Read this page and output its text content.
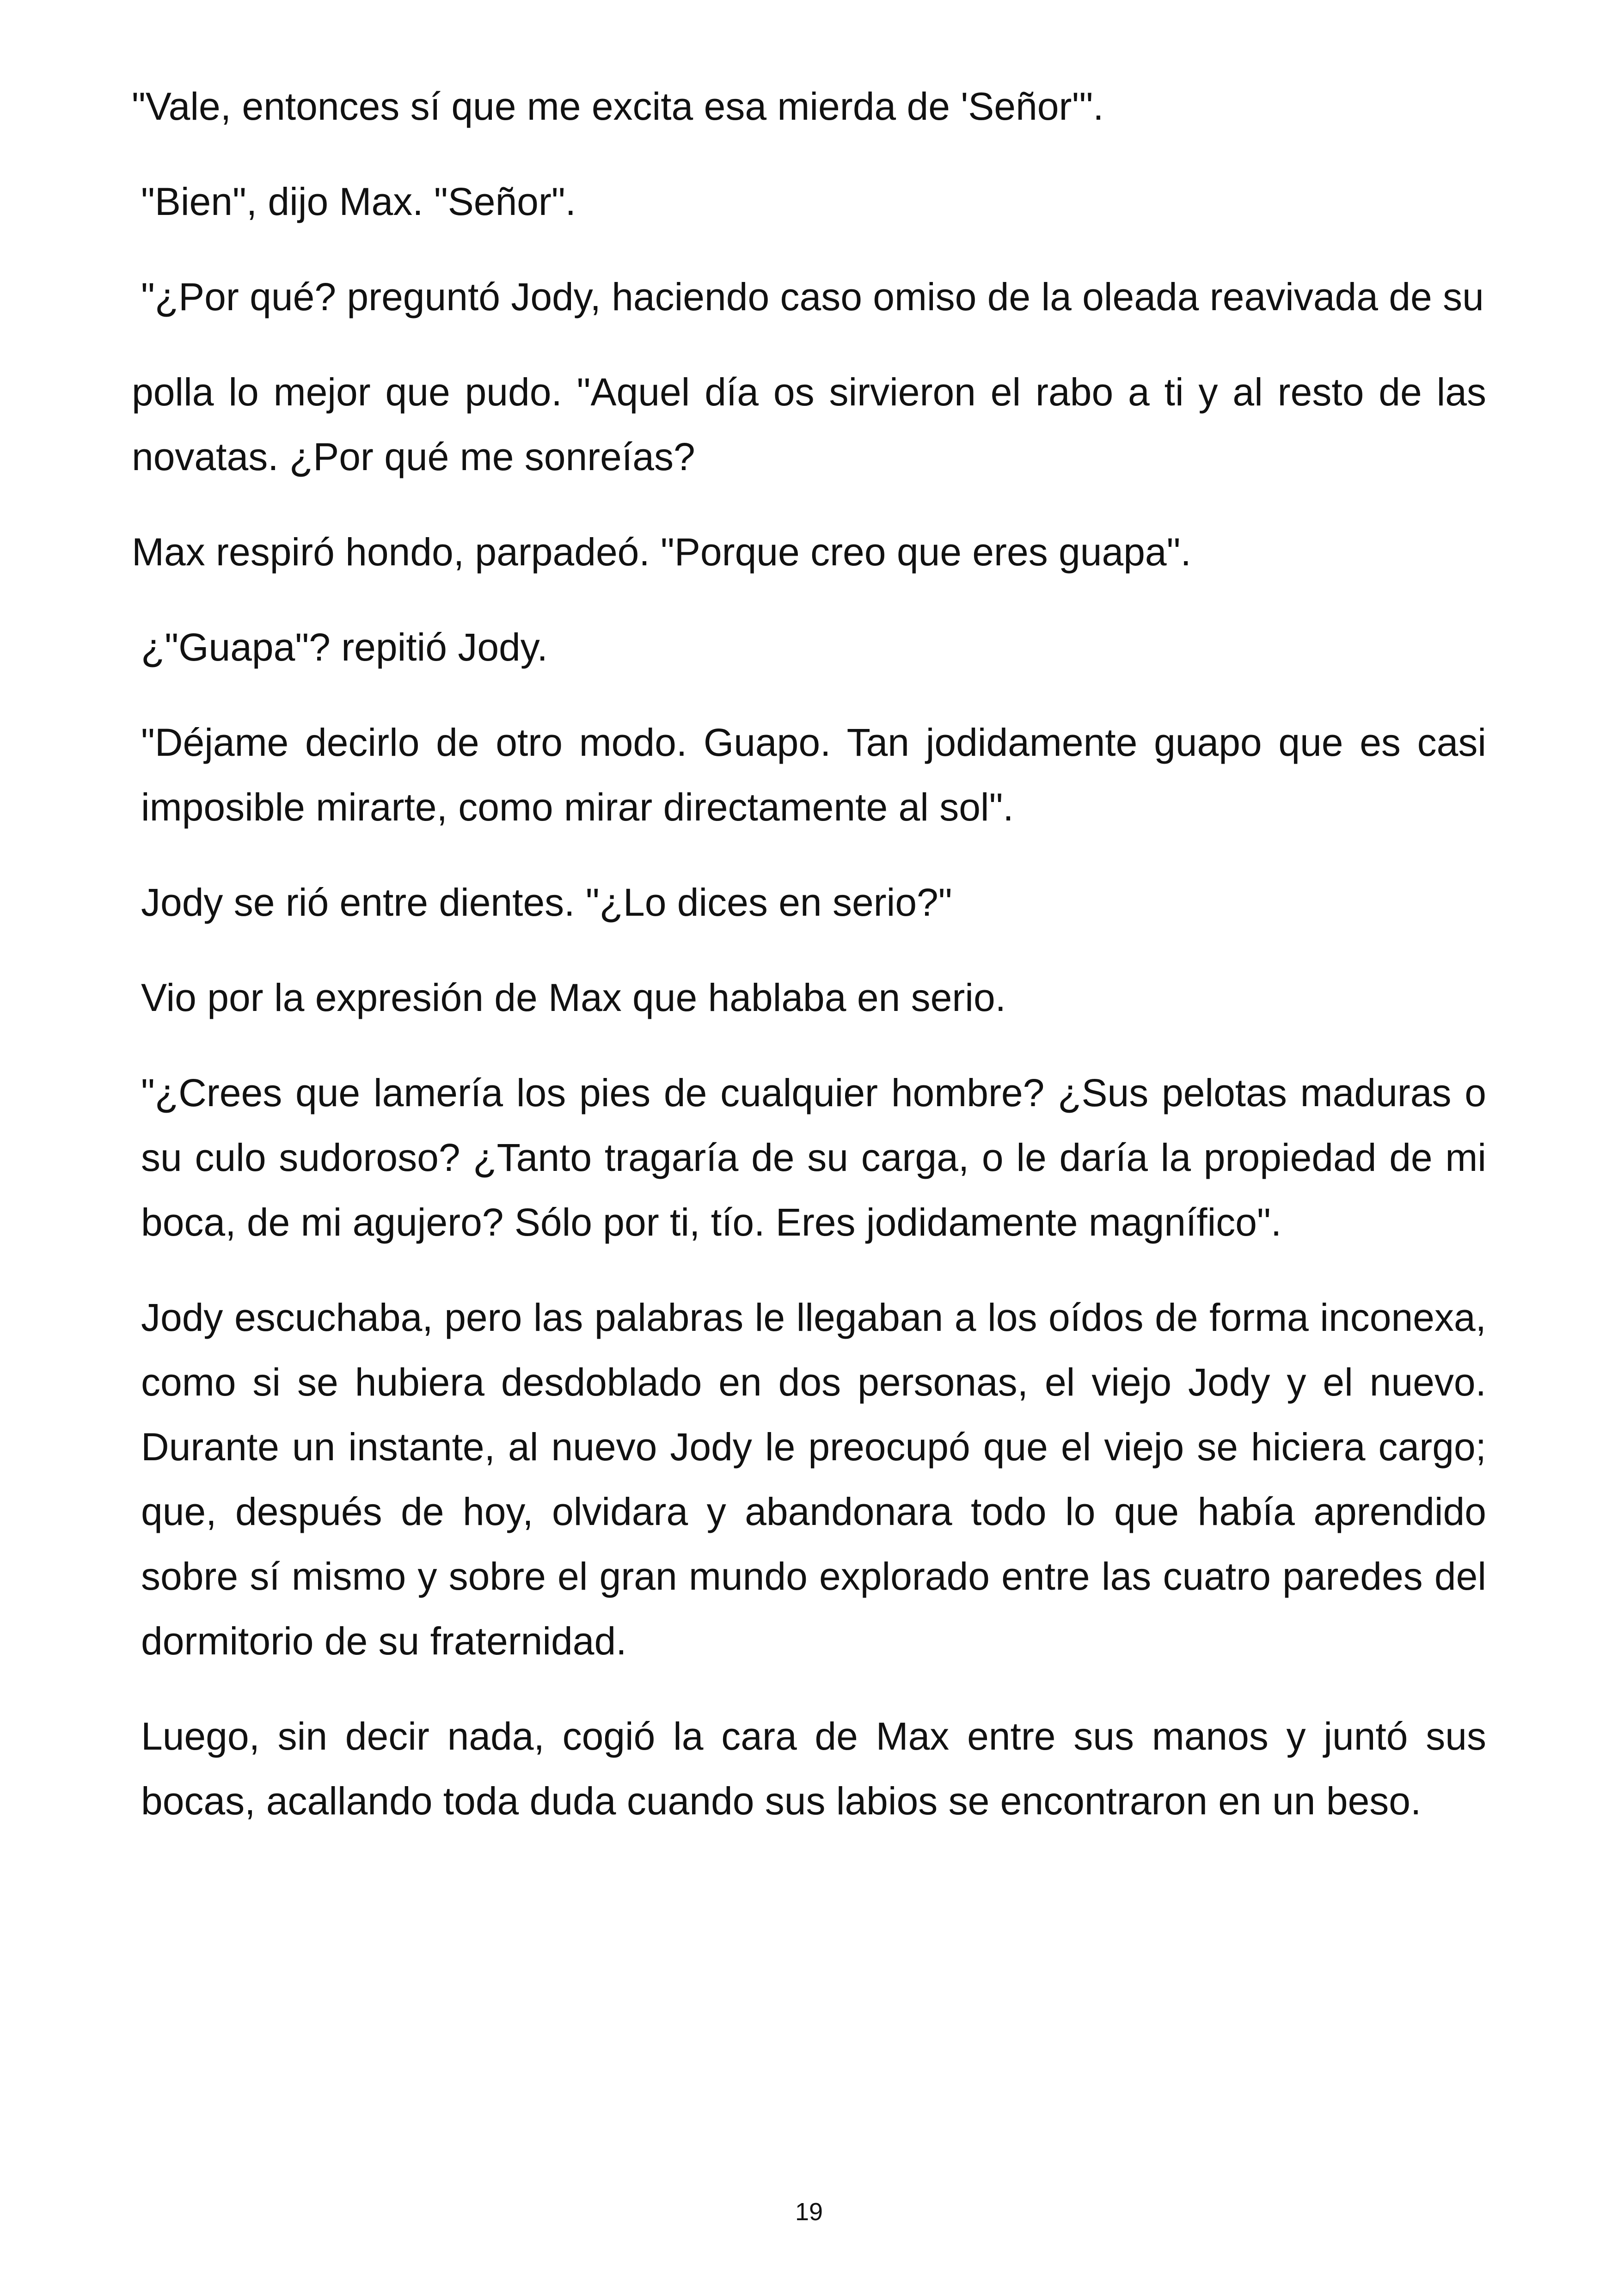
"Vale, entonces sí que me excita esa mierda de 'Señor'".

"Bien", dijo Max. "Señor".

"¿Por qué? preguntó Jody, haciendo caso omiso de la oleada reavivada de su

polla lo mejor que pudo. "Aquel día os sirvieron el rabo a ti y al resto de las novatas. ¿Por qué me sonreías?

Max respiró hondo, parpadeó. "Porque creo que eres guapa".

¿"Guapa"? repitió Jody.

"Déjame decirlo de otro modo. Guapo. Tan jodidamente guapo que es casi imposible mirarte, como mirar directamente al sol".

Jody se rió entre dientes. "¿Lo dices en serio?"

Vio por la expresión de Max que hablaba en serio.

"¿Crees que lamería los pies de cualquier hombre? ¿Sus pelotas maduras o su culo sudoroso? ¿Tanto tragaría de su carga, o le daría la propiedad de mi boca, de mi agujero? Sólo por ti, tío. Eres jodidamente magnífico".

Jody escuchaba, pero las palabras le llegaban a los oídos de forma inconexa, como si se hubiera desdoblado en dos personas, el viejo Jody y el nuevo. Durante un instante, al nuevo Jody le preocupó que el viejo se hiciera cargo; que, después de hoy, olvidara y abandonara todo lo que había aprendido sobre sí mismo y sobre el gran mundo explorado entre las cuatro paredes del dormitorio de su fraternidad.

Luego, sin decir nada, cogió la cara de Max entre sus manos y juntó sus bocas, acallando toda duda cuando sus labios se encontraron en un beso.

19
